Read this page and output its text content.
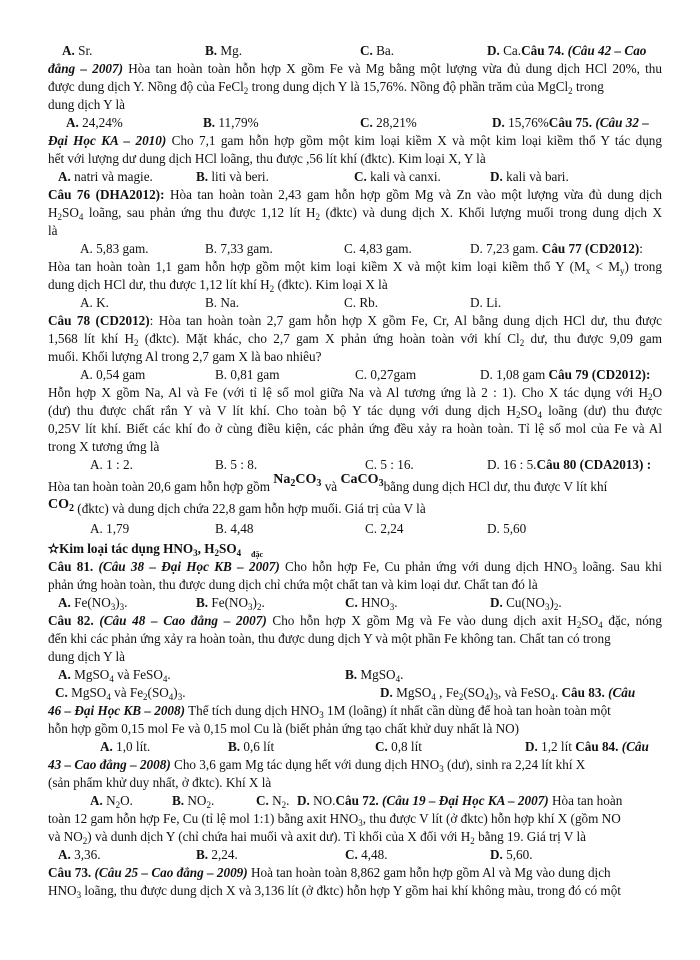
A. Sr.	B. Mg.	C. Ba.	D. Ca.Câu 74. (Câu 42 – Cao
đẳng – 2007) Hòa tan hoàn toàn hỗn hợp X gồm Fe và Mg bằng một lượng vừa đủ dung dịch HCl 20%, thu
được dung dịch Y. Nồng độ của FeCl$_2$ trong dung dịch Y là 15,76%. Nồng độ phần trăm của MgCl$_2$ trong
dung dịch Y là
A. 24,24%	B. 11,79%	C. 28,21%	D. 15,76%Câu 75. (Câu 32 –
Đại Học KA – 2010) Cho 7,1 gam hỗn hợp gồm một kim loại kiềm X và một kim loại kiềm thổ Y tác dụng
hết với lượng dư dung dịch HCl loãng, thu được ,56 lít khí (đktc). Kim loại X, Y là
A. natri và magie.	B. liti và beri.	C. kali và canxi.	D. kali và bari.
Câu 76 (DHA2012): Hòa tan hoàn toàn 2,43 gam hỗn hợp gồm Mg và Zn vào một lượng vừa đủ dung dịch
$H_2SO_4$ loãng, sau phản ứng thu được 1,12 lít $H_2$ (đktc) và dung dịch X. Khối lượng muối trong dung dịch X
là
A. 5,83 gam.	B. 7,33 gam.	C. 4,83 gam.	D. 7,23 gam. Câu 77 (CD2012):
Hòa tan hoàn toàn 1,1 gam hỗn hợp gồm một kim loại kiềm X và một kim loại kiềm thổ Y $(M_x < M_y)$ trong
dung dịch HCl dư, thu được 1,12 lít khí $H_2$ (đktc). Kim loại X là
A. K.	B. Na.	C. Rb.	D. Li.
Câu 78 (CD2012): Hòa tan hoàn toàn 2,7 gam hỗn hợp X gồm Fe, Cr, Al bằng dung dịch HCl dư, thu được
1,568 lít khí $H_2$ (đktc). Mặt khác, cho 2,7 gam X phản ứng hoàn toàn với khí $Cl_2$ dư, thu được 9,09 gam
muối. Khối lượng Al trong 2,7 gam X là bao nhiêu?
A. 0,54 gam	B. 0,81 gam	C. 0,27gam	D. 1,08 gam Câu 79 (CD2012):
Hỗn hợp X gồm Na, Al và Fe (với tỉ lệ số mol giữa Na và Al tương ứng là 2 : 1). Cho X tác dụng với $H_2O$
(dư) thu được chất rắn Y và V lít khí. Cho toàn bộ Y tác dụng với dung dịch $H_2SO_4$ loãng (dư) thu được
0,25V lít khí. Biết các khí đo ở cùng điều kiện, các phản ứng đều xảy ra hoàn toàn. Tỉ lệ số mol của Fe và Al
trong X tương ứng là
A. 1 : 2.	B. 5 : 8.	C. 5 : 16.	D. 16 : 5.Câu 80 (CDA2013) :
Hòa tan hoàn toàn 20,6 gam hỗn hợp gồm $Na_2CO_3$ và CaCO$_3$bằng dung dịch HCl dư, thu được V lít khí
$CO_2$ (đktc) và dung dịch chứa 22,8 gam hỗn hợp muối. Giá trị của V là
A. 1,79	B. 4,48	C. 2,24	D. 5,60
✫Kim loại tác dụng $HNO_3$, $H_2SO_4$ $_{đặc}$
Câu 81. (Câu 38 – Đại Học KB – 2007) Cho hỗn hợp Fe, Cu phản ứng với dung dịch $HNO_3$ loãng. Sau khi
phản ứng hoàn toàn, thu được dung dịch chỉ chứa một chất tan và kim loại dư. Chất tan đó là
A. $Fe(NO_3)_3$.	B. $Fe(NO_3)_2$.	C. $HNO_3$.	D. $Cu(NO_3)_2$.
Câu 82. (Câu 48 – Cao đẳng – 2007) Cho hỗn hợp X gồm Mg và Fe vào dung dịch axit $H_2SO_4$ đặc, nóng
đến khi các phản ứng xảy ra hoàn toàn, thu được dung dịch Y và một phần Fe không tan. Chất tan có trong
dung dịch Y là
A. MgSO$_4$ và FeSO$_4$.	B. MgSO$_4$.
C. MgSO$_4$ và $Fe_2(SO_4)_3$.	D. MgSO$_4$ , $Fe_2(SO_4)_3$, và FeSO$_4$. Câu 83. (Câu
46 – Đại Học KB – 2008) Thể tích dung dịch $HNO_3$ 1M (loãng) ít nhất cần dùng để hoà tan hoàn toàn một
hỗn hợp gồm 0,15 mol Fe và 0,15 mol Cu là (biết phản ứng tạo chất khử duy nhất là NO)
A. 1,0 lít.	B. 0,6 lít	C. 0,8 lít	D. 1,2 lít Câu 84. (Câu
43 – Cao đẳng – 2008) Cho 3,6 gam Mg tác dụng hết với dung dịch $HNO_3$ (dư), sinh ra 2,24 lít khí X
(sản phẩm khử duy nhất, ở đktc). Khí X là
A. $N_2O$.	B. $NO_2$.	C. $N_2$. D. NO.Câu 72. (Câu 19 – Đại Học KA – 2007) Hòa tan hoàn
toàn 12 gam hỗn hợp Fe, Cu (tỉ lệ mol 1:1) bằng axit $HNO_3$, thu được V lít (ở đktc) hỗn hợp khí X (gồm NO
và $NO_2$) và dunh dịch Y (chỉ chứa hai muối và axit dư). Tỉ khối của X đối với $H_2$ bằng 19. Giá trị V là
A. 3,36.	B. 2,24.	C. 4,48.	D. 5,60.
Câu 73. (Câu 25 – Cao đẳng – 2009) Hoà tan hoàn toàn 8,862 gam hỗn hợp gồm Al và Mg vào dung dịch
$HNO_3$ loãng, thu được dung dịch X và 3,136 lít (ở đktc) hỗn hợp Y gồm hai khí không màu, trong đó có một
